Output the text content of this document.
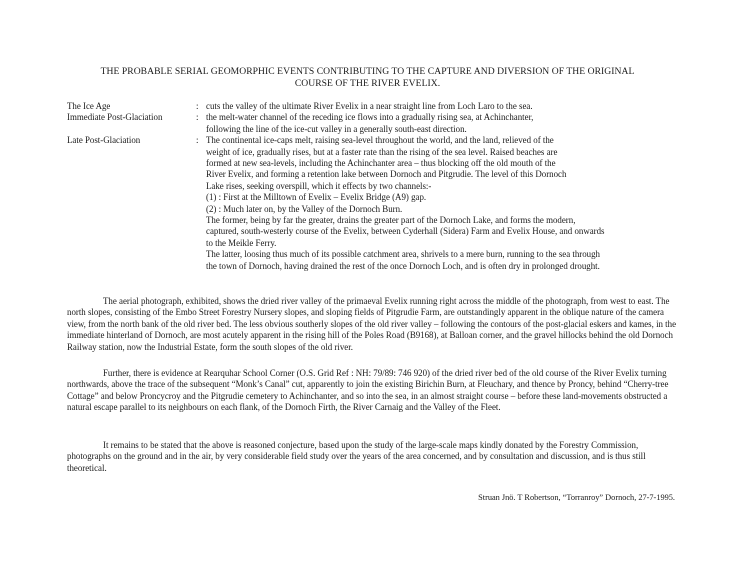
THE PROBABLE SERIAL GEOMORPHIC EVENTS CONTRIBUTING TO THE CAPTURE AND DIVERSION OF THE ORIGINAL
COURSE OF THE RIVER EVELIX.
The Ice Age	: cuts the valley of the ultimate River Evelix in a near straight line from Loch Laro to the sea.
Immediate Post-Glaciation	: the melt-water channel of the receding ice flows into a gradually rising sea, at Achinchanter,
following the line of the ice-cut valley in a generally south-east direction.
Late Post-Glaciation	: The continental ice-caps melt, raising sea-level throughout the world, and the land, relieved of the
weight of ice, gradually rises, but at a faster rate than the rising of the sea level. Raised beaches are
formed at new sea-levels, including the Achinchanter area – thus blocking off the old mouth of the
River Evelix, and forming a retention lake between Dornoch and Pitgrudie. The level of this Dornoch
Lake rises, seeking overspill, which it effects by two channels:-
(1) : First at the Milltown of Evelix – Evelix Bridge (A9) gap.
(2) : Much later on, by the Valley of the Dornoch Burn.
The former, being by far the greater, drains the greater part of the Dornoch Lake, and forms the modern,
captured, south-westerly course of the Evelix, between Cyderhall (Sidera) Farm and Evelix House, and onwards
to the Meikle Ferry.
The latter, loosing thus much of its possible catchment area, shrivels to a mere burn, running to the sea through
the town of Dornoch, having drained the rest of the once Dornoch Loch, and is often dry in prolonged drought.

The aerial photograph, exhibited, shows the dried river valley of the primaeval Evelix running right across the middle of the photograph, from west to east. The north slopes, consisting of the Embo Street Forestry Nursery slopes, and sloping fields of Pitgrudie Farm, are outstandingly apparent in the oblique nature of the camera view, from the north bank of the old river bed. The less obvious southerly slopes of the old river valley – following the contours of the post-glacial eskers and kames, in the immediate hinterland of Dornoch, are most acutely apparent in the rising hill of the Poles Road (B9168), at Balloan corner, and the gravel hillocks behind the old Dornoch Railway station, now the Industrial Estate, form the south slopes of the old river.

Further, there is evidence at Rearquhar School Corner (O.S. Grid Ref : NH: 79/89: 746 920) of the dried river bed of the old course of the River Evelix turning northwards, above the trace of the subsequent “Monk’s Canal” cut, apparently to join the existing Birichin Burn, at Fleuchary, and thence by Proncy, behind “Cherry-tree Cottage” and below Proncycroy and the Pitgrudie cemetery to Achinchanter, and so into the sea, in an almost straight course – before these land-movements obstructed a natural escape parallel to its neighbours on each flank, of the Dornoch Firth, the River Carnaig and the Valley of the Fleet.

It remains to be stated that the above is reasoned conjecture, based upon the study of the large-scale maps kindly donated by the Forestry Commission, photographs on the ground and in the air, by very considerable field study over the years of the area concerned, and by consultation and discussion, and is thus still theoretical.

Struan Jnö. T Robertson, “Torranroy” Dornoch, 27-7-1995.
